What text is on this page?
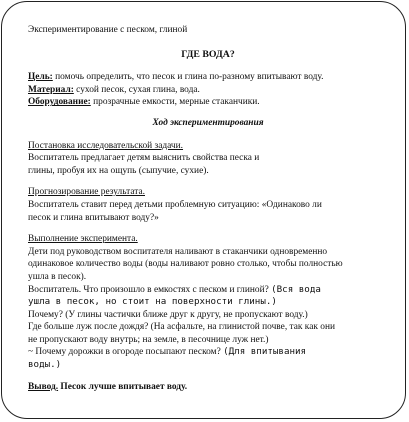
Экспериментирование с песком, глиной

ГДЕ ВОДА?

Цель: помочь определить, что песок и глина по-разному впитывают воду.

Материал: сухой песок, сухая глина, вода.

Оборудование: прозрачные емкости, мерные стаканчики.

Ход экспериментирования

Постановка исследовательской задачи.

Воспитатель предлагает детям выяснить свойства песка и

глины, пробуя их на ощупь (сыпучие, сухие).

Прогнозирование результата.

Воспитатель ставит перед детьми проблемную ситуацию: «Одинаково ли

песок и глина впитывают воду?»

Выполнение эксперимента.

Дети под руководством воспитателя наливают в стаканчики одновременно

одинаковое количество воды (воды наливают ровно столько, чтобы полностью

ушла в песок).

Воспитатель. Что произошло в емкостях с песком и глиной? (Вся вода

ушла в песок, но стоит на поверхности глины.)

Почему? (У глины частички ближе друг к другу, не пропускают воду.)

Где больше луж после дождя? (На асфальте, на глинистой почве, так как они

не пропускают воду внутрь; на земле, в песочнице луж нет.)

~ Почему дорожки в огороде посыпают песком? (Для впитывания

воды.)

Вывод. Песок лучше впитывает воду.
